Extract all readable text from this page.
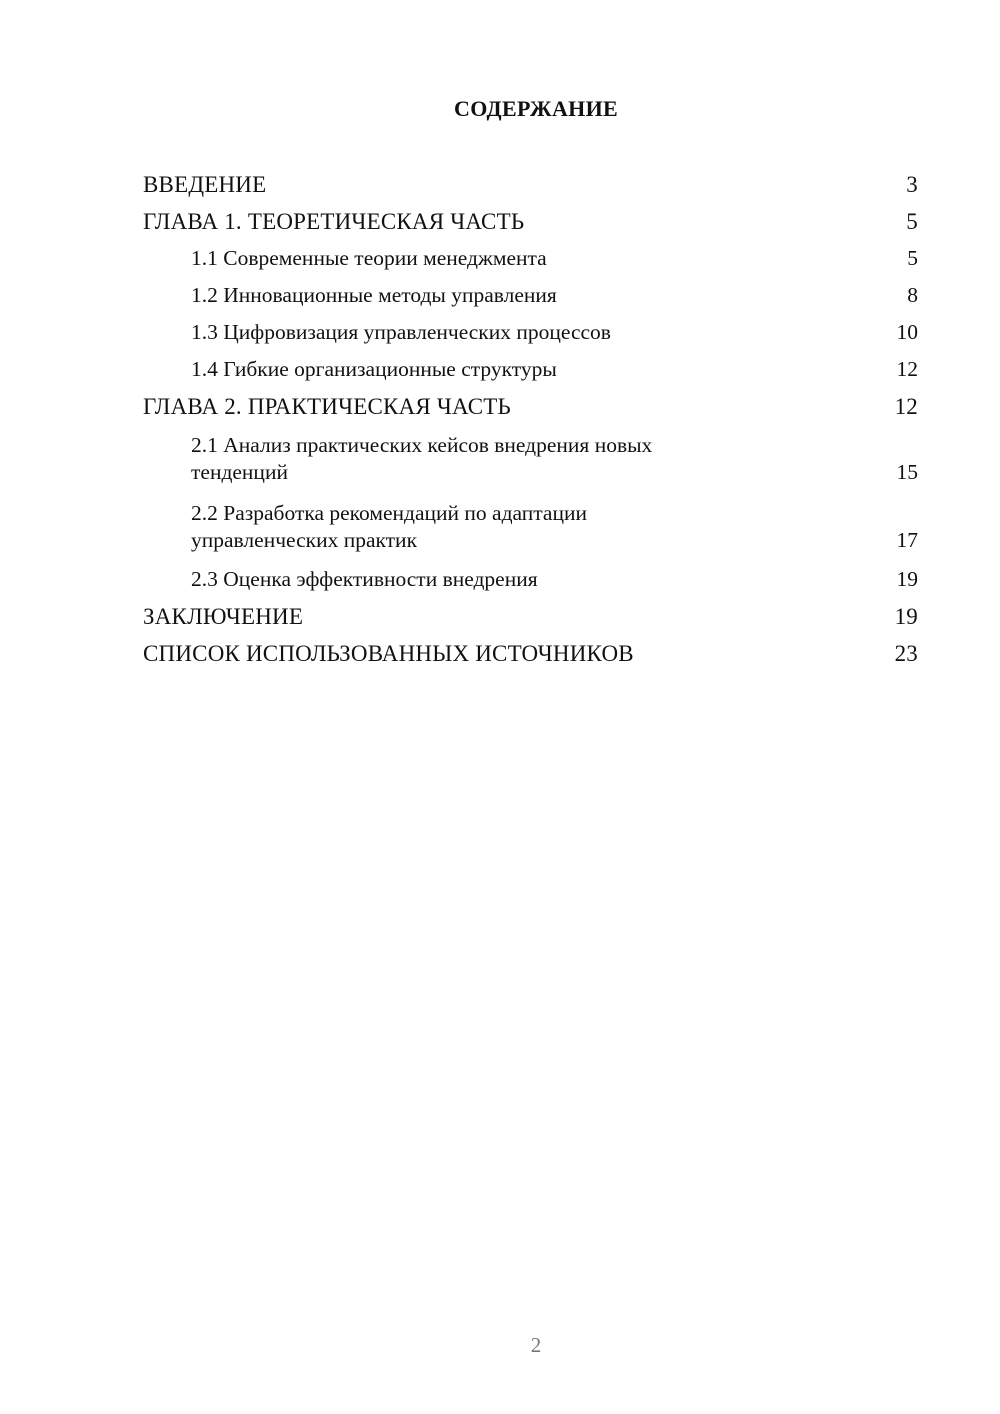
СОДЕРЖАНИЕ
ВВЕДЕНИЕ	3
ГЛАВА 1. ТЕОРЕТИЧЕСКАЯ ЧАСТЬ	5
1.1 Современные теории менеджмента	5
1.2 Инновационные методы управления	8
1.3 Цифровизация управленческих процессов	10
1.4 Гибкие организационные структуры	12
ГЛАВА 2. ПРАКТИЧЕСКАЯ ЧАСТЬ	12
2.1 Анализ практических кейсов внедрения новых тенденций	15
2.2 Разработка рекомендаций по адаптации управленческих практик	17
2.3 Оценка эффективности внедрения	19
ЗАКЛЮЧЕНИЕ	19
СПИСОК ИСПОЛЬЗОВАННЫХ ИСТОЧНИКОВ	23
2
